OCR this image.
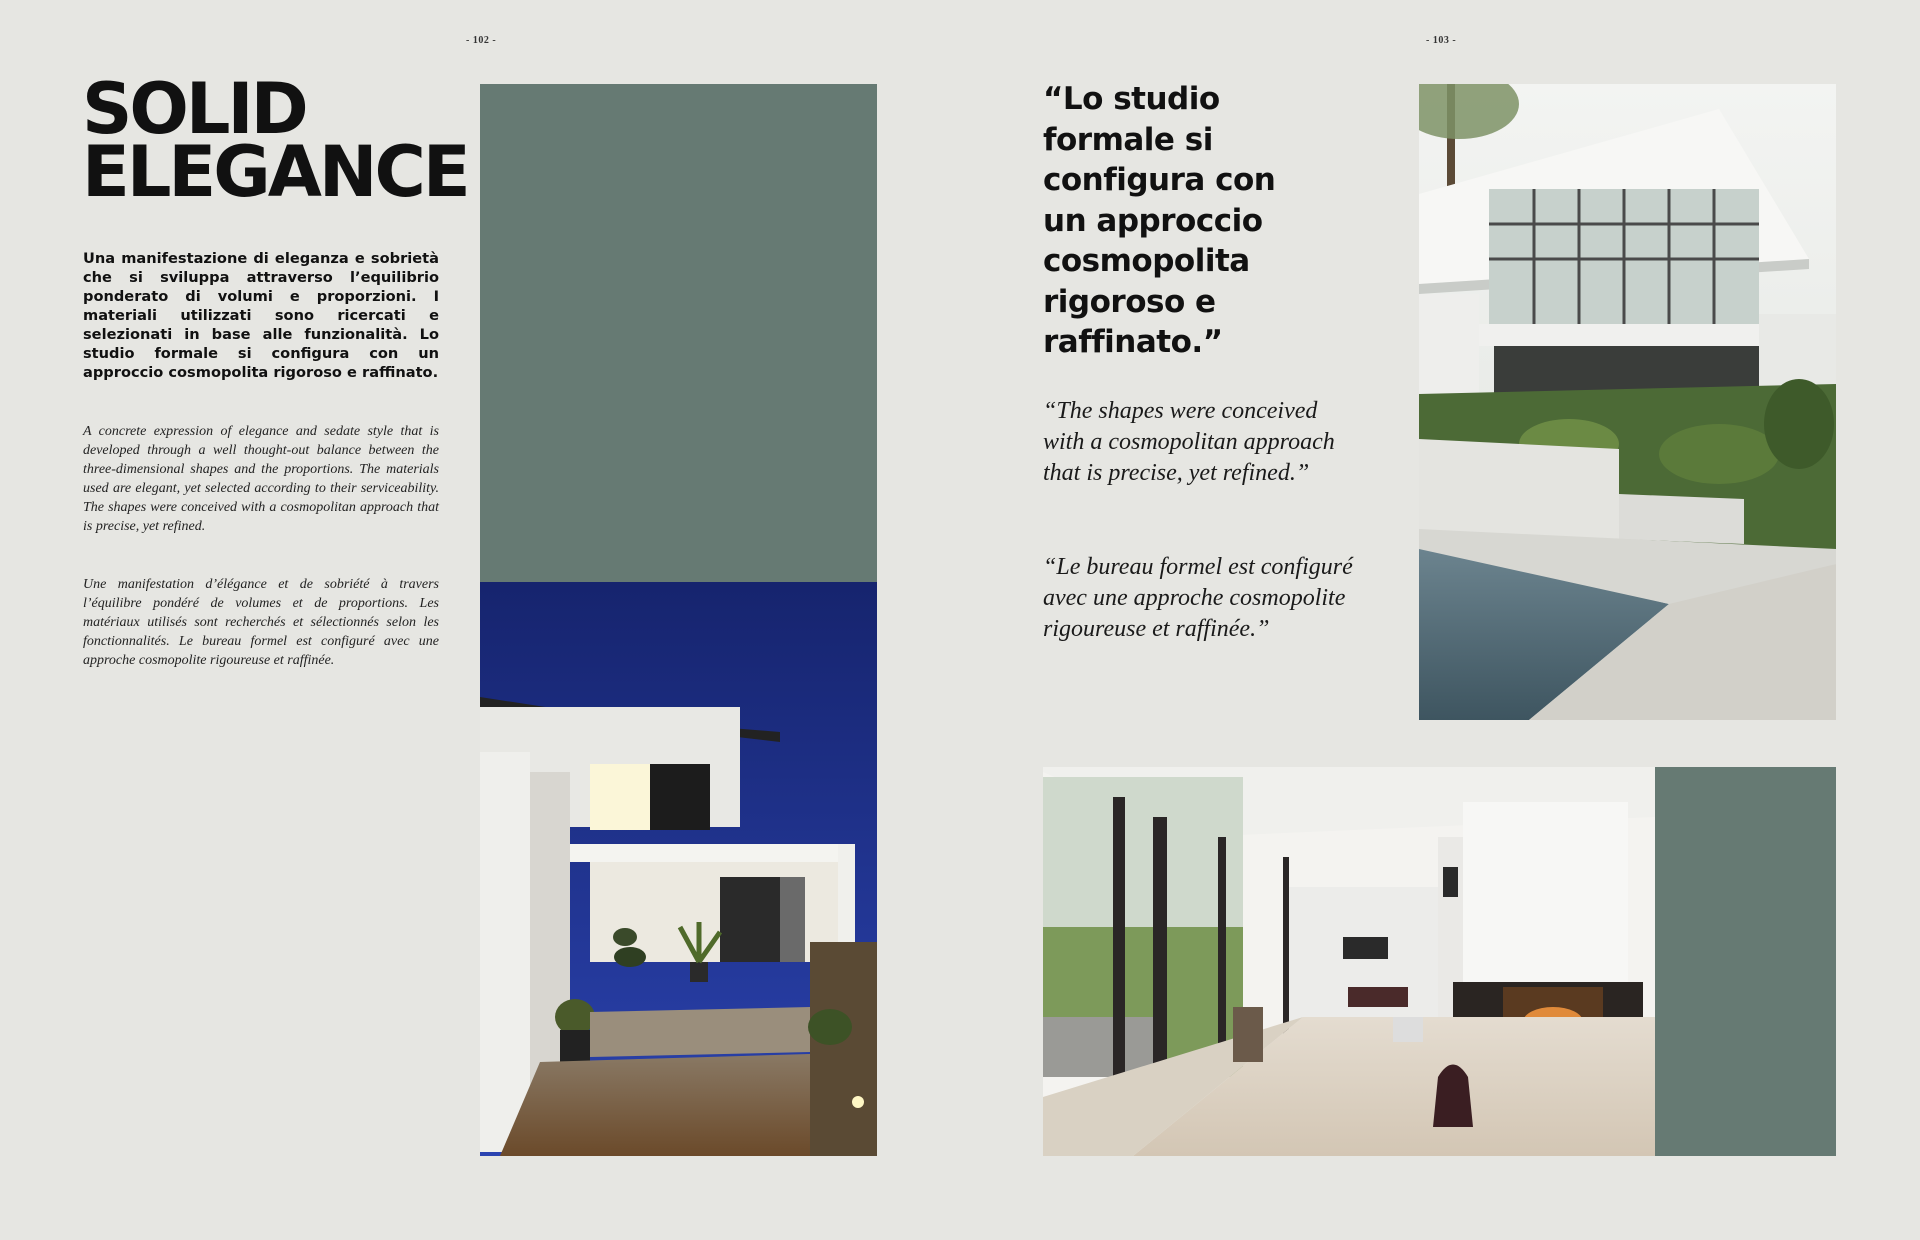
- 102 -	- 103 -
SOLID
ELEGANCE

Una manifestazione di eleganza e sobrietà che si sviluppa attraverso l’equilibrio ponderato di volumi e proporzioni. I materiali utilizzati sono ricercati e selezionati in base alle funzionalità. Lo studio formale si configura con un approccio cosmopolita rigoroso e raffinato.

A concrete expression of elegance and sedate style that is developed through a well thought-out balance between the three-dimensional shapes and the proportions. The materials used are elegant, yet selected according to their serviceability. The shapes were conceived with a cosmopolitan approach that is precise, yet refined.

Une manifestation d’élégance et de sobriété à travers l’équilibre pondéré de volumes et de proportions. Les matériaux utilisés sont recherchés et sélectionnés selon les fonctionnalités. Le bureau formel est configuré avec une approche cosmopolite rigoureuse et raffinée.

“Lo studio formale si configura con un approccio cosmopolita rigoroso e raffinato.”

“The shapes were conceived with a cosmopolitan approach that is precise, yet refined.”

“Le bureau formel est configuré avec une approche cosmopolite rigoureuse et raffinée.”
